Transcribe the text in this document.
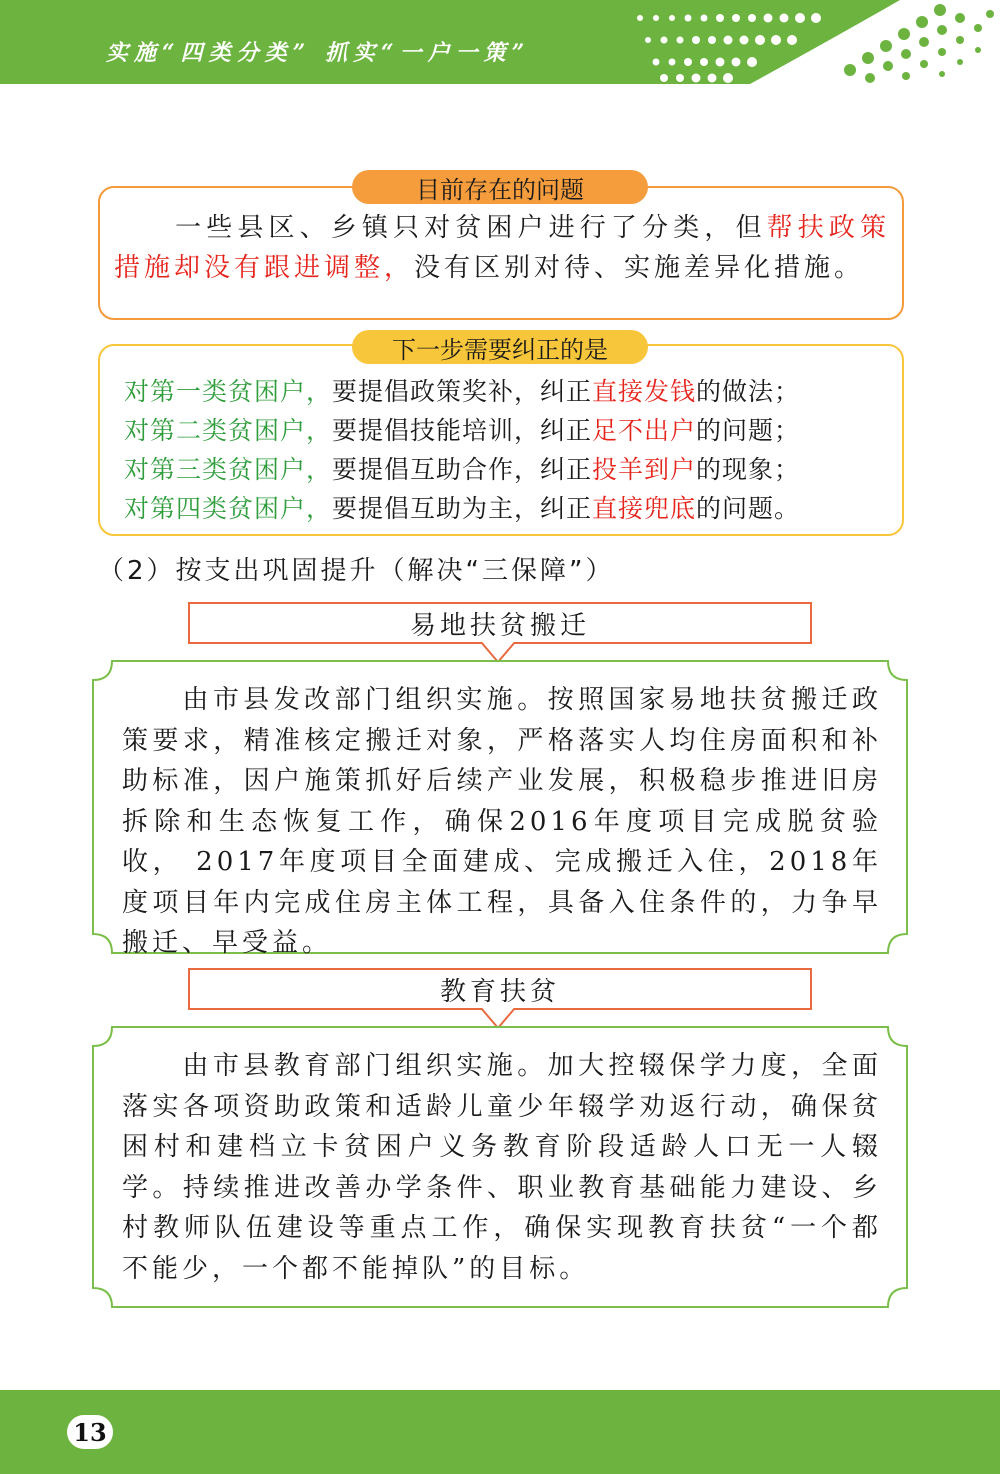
实施“四类分类” 抓实“一户一策”
目前存在的问题
一些县区、乡镇只对贫困户进行了分类，但帮扶政策措施却没有跟进调整，没有区别对待、实施差异化措施。
下一步需要纠正的是
对第一类贫困户，要提倡政策奖补，纠正直接发钱的做法；
对第二类贫困户，要提倡技能培训，纠正足不出户的问题；
对第三类贫困户，要提倡互助合作，纠正投羊到户的现象；
对第四类贫困户，要提倡互助为主，纠正直接兜底的问题。
（2）按支出巩固提升（解决“三保障”）
易地扶贫搬迁
由市县发改部门组织实施。按照国家易地扶贫搬迁政策要求，精准核定搬迁对象，严格落实人均住房面积和补助标准，因户施策抓好后续产业发展，积极稳步推进旧房拆除和生态恢复工作，确保2016年度项目完成脱贫验收， 2017年度项目全面建成、完成搬迁入住，2018年度项目年内完成住房主体工程，具备入住条件的，力争早搬迁、早受益。
教育扶贫
由市县教育部门组织实施。加大控辍保学力度，全面落实各项资助政策和适龄儿童少年辍学劝返行动，确保贫困村和建档立卡贫困户义务教育阶段适龄人口无一人辍学。持续推进改善办学条件、职业教育基础能力建设、乡村教师队伍建设等重点工作，确保实现教育扶贫“一个都不能少，一个都不能掉队”的目标。
13
